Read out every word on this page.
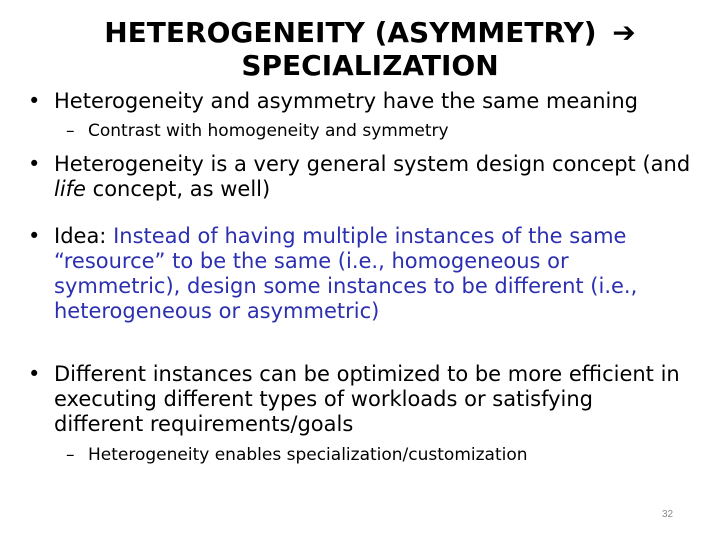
HETEROGENEITY (ASYMMETRY) ➔
SPECIALIZATION
• Heterogeneity and asymmetry have the same meaning
– Contrast with homogeneity and symmetry
• Heterogeneity is a very general system design concept (and
life concept, as well)
• Idea: Instead of having multiple instances of the same
“resource” to be the same (i.e., homogeneous or
symmetric), design some instances to be different (i.e.,
heterogeneous or asymmetric)
• Different instances can be optimized to be more efficient in
executing different types of workloads or satisfying
different requirements/goals
– Heterogeneity enables specialization/customization
32
